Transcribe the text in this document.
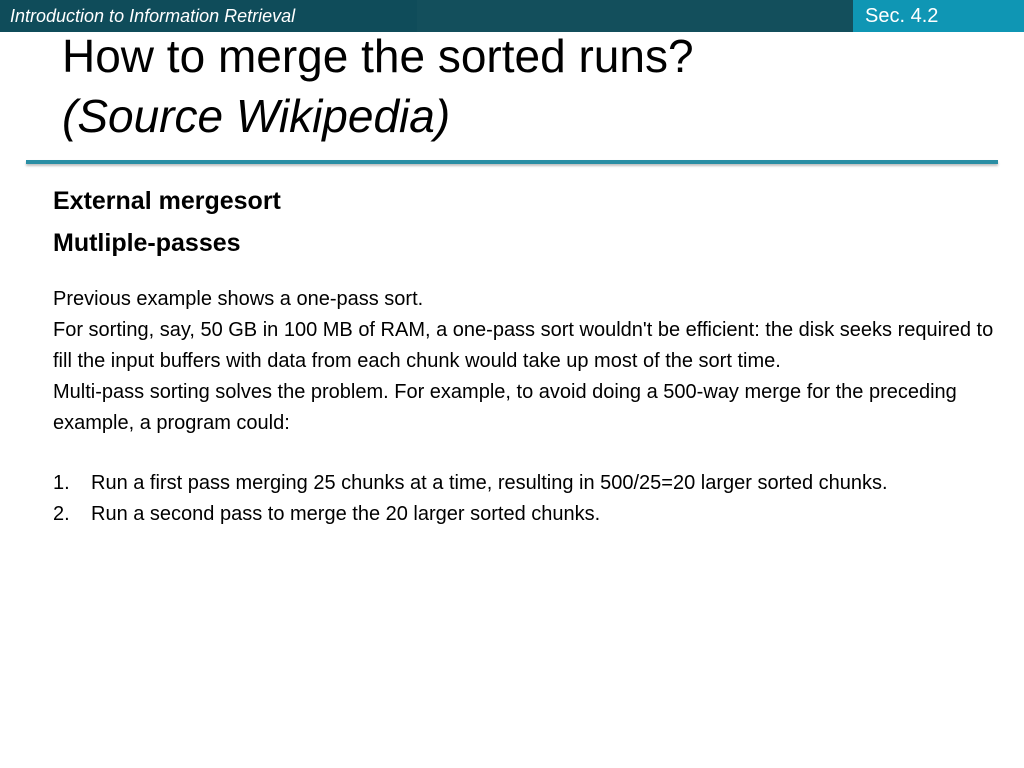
Introduction to Information Retrieval	Sec. 4.2
How to merge the sorted runs?
(Source Wikipedia)

External mergesort

Mutliple-passes

Previous example shows a one-pass sort.

For sorting, say, 50 GB in 100 MB of RAM, a one-pass sort wouldn't be efficient: the disk seeks required to fill the input buffers with data from each chunk would take up most of the sort time.

Multi-pass sorting solves the problem. For example, to avoid doing a 500-way merge for the preceding example, a program could:

1. Run a first pass merging 25 chunks at a time, resulting in 500/25=20 larger sorted chunks.
2. Run a second pass to merge the 20 larger sorted chunks.
